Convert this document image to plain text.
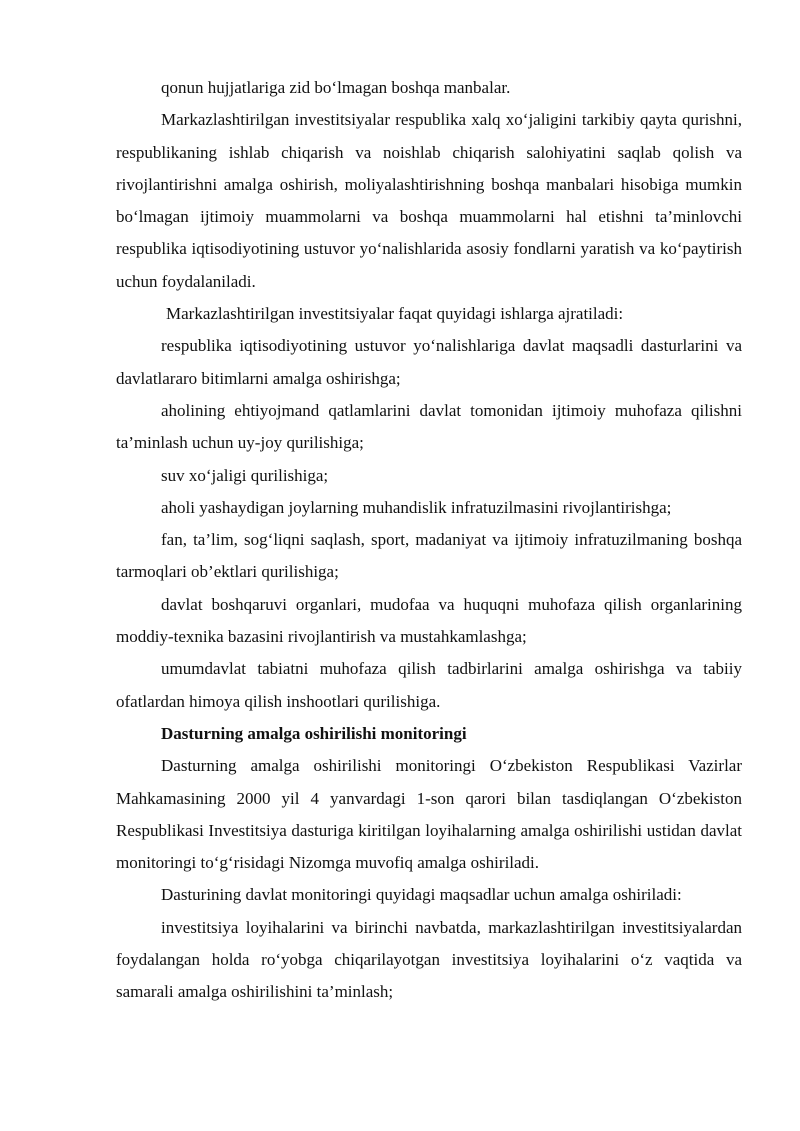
qonun hujjatlariga zid bo‘lmagan boshqa manbalar.

Markazlashtirilgan investitsiyalar respublika xalq xo‘jaligini tarkibiy qayta qurishni, respublikaning ishlab chiqarish va noishlab chiqarish salohiyatini saqlab qolish va rivojlantirishni amalga oshirish, moliyalashtirishning boshqa manbalari hisobiga mumkin bo‘lmagan ijtimoiy muammolarni va boshqa muammolarni hal etishni ta’minlovchi respublika iqtisodiyotining ustuvor yo‘nalishlarida asosiy fondlarni yaratish va ko‘paytirish uchun foydalaniladi.

Markazlashtirilgan investitsiyalar faqat quyidagi ishlarga ajratiladi:

respublika iqtisodiyotining ustuvor yo‘nalishlariga davlat maqsadli dasturlarini va davlatlararo bitimlarni amalga oshirishga;

aholining ehtiyojmand qatlamlarini davlat tomonidan ijtimoiy muhofaza qilishni ta’minlash uchun uy-joy qurilishiga;

suv xo‘jaligi qurilishiga;

aholi yashaydigan joylarning muhandislik infratuzilmasini rivojlantirishga;

fan, ta’lim, sog‘liqni saqlash, sport, madaniyat va ijtimoiy infratuzilmaning boshqa tarmoqlari ob’ektlari qurilishiga;

davlat boshqaruvi organlari, mudofaa va huquqni muhofaza qilish organlarining moddiy-texnika bazasini rivojlantirish va mustahkamlashga;

umumdavlat tabiatni muhofaza qilish tadbirlarini amalga oshirishga va tabiiy ofatlardan himoya qilish inshootlari qurilishiga.

Dasturning amalga oshirilishi monitoringi

Dasturning amalga oshirilishi monitoringi O‘zbekiston Respublikasi Vazirlar Mahkamasining 2000 yil 4 yanvardagi 1-son qarori bilan tasdiqlangan O‘zbekiston Respublikasi Investitsiya dasturiga kiritilgan loyihalarning amalga oshirilishi ustidan davlat monitoringi to‘g‘risidagi Nizomga muvofiq amalga oshiriladi.

Dasturining davlat monitoringi quyidagi maqsadlar uchun amalga oshiriladi:

investitsiya loyihalarini va birinchi navbatda, markazlashtirilgan investitsiyalardan foydalangan holda ro‘yobga chiqarilayotgan investitsiya loyihalarini o‘z vaqtida va samarali amalga oshirilishini ta’minlash;
